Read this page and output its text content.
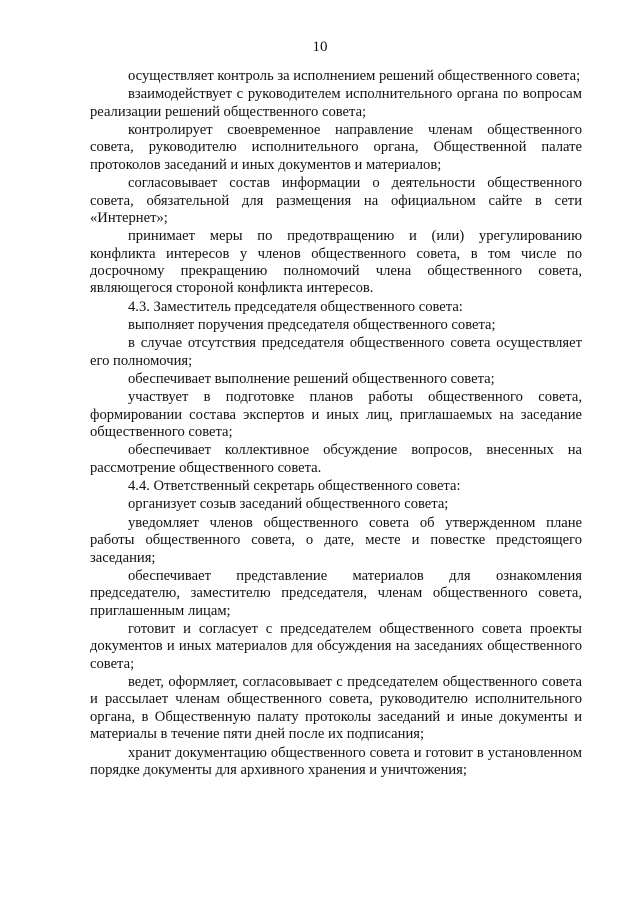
10

осуществляет контроль за исполнением решений общественного совета;

взаимодействует с руководителем исполнительного органа по вопросам реализации решений общественного совета;

контролирует своевременное направление членам общественного совета, руководителю исполнительного органа, Общественной палате протоколов заседаний и иных документов и материалов;

согласовывает состав информации о деятельности общественного совета, обязательной для размещения на официальном сайте в сети «Интернет»;

принимает меры по предотвращению и (или) урегулированию конфликта интересов у членов общественного совета, в том числе по досрочному прекращению полномочий члена общественного совета, являющегося стороной конфликта интересов.

4.3. Заместитель председателя общественного совета:

выполняет поручения председателя общественного совета;

в случае отсутствия председателя общественного совета осуществляет его полномочия;

обеспечивает выполнение решений общественного совета;

участвует в подготовке планов работы общественного совета, формировании состава экспертов и иных лиц, приглашаемых на заседание общественного совета;

обеспечивает коллективное обсуждение вопросов, внесенных на рассмотрение общественного совета.

4.4. Ответственный секретарь общественного совета:

организует созыв заседаний общественного совета;

уведомляет членов общественного совета об утвержденном плане работы общественного совета, о дате, месте и повестке предстоящего заседания;

обеспечивает представление материалов для ознакомления председателю, заместителю председателя, членам общественного совета, приглашенным лицам;

готовит и согласует с председателем общественного совета проекты документов и иных материалов для обсуждения на заседаниях общественного совета;

ведет, оформляет, согласовывает с председателем общественного совета и рассылает членам общественного совета, руководителю исполнительного органа, в Общественную палату протоколы заседаний и иные документы и материалы в течение пяти дней после их подписания;

хранит документацию общественного совета и готовит в установленном порядке документы для архивного хранения и уничтожения;
